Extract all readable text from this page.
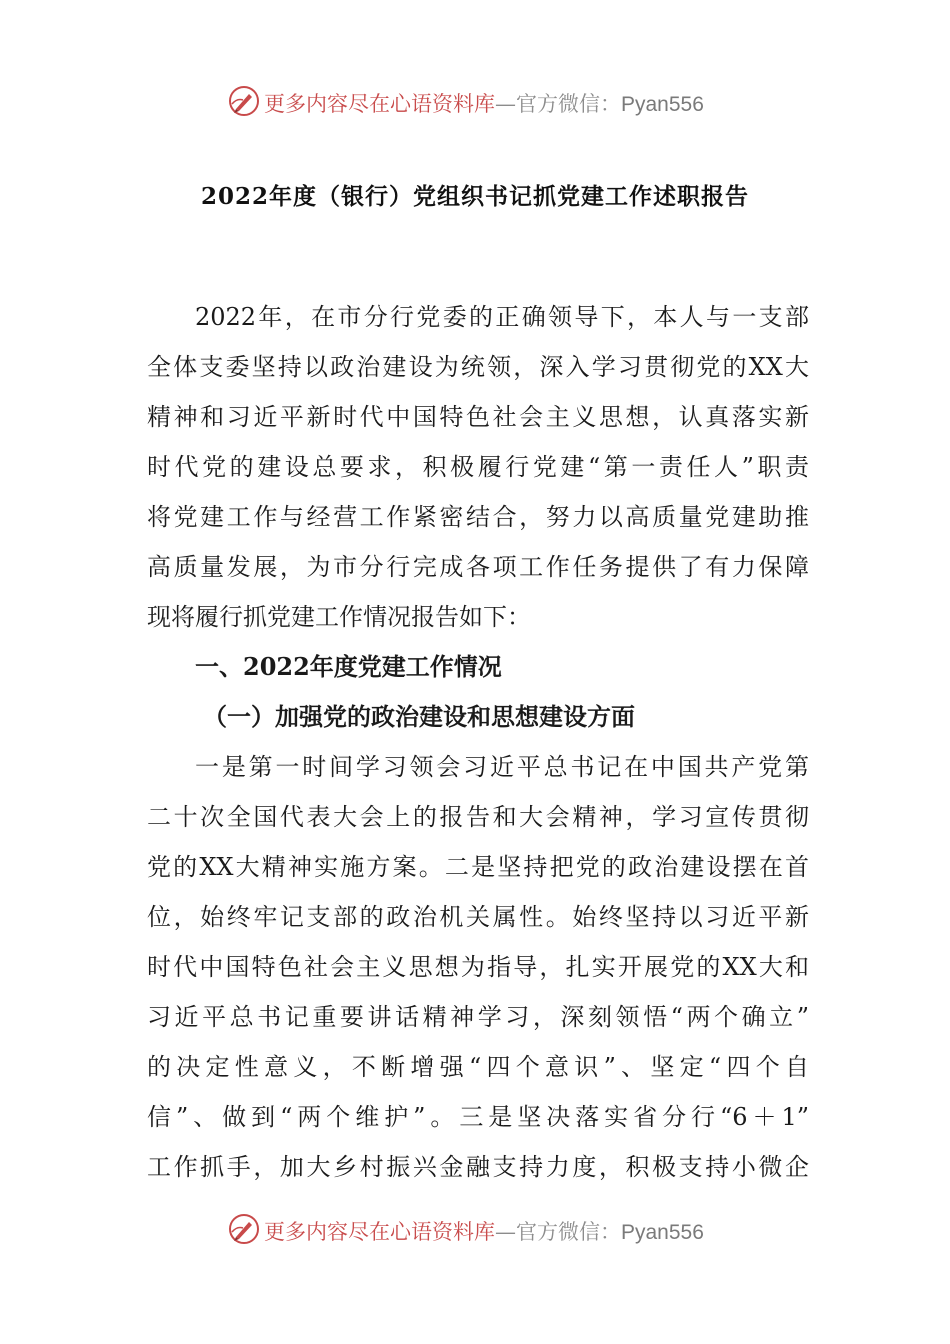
更多内容尽在心语资料库—官方微信：Pyan556
2022年度（银行）党组织书记抓党建工作述职报告
2022年，在市分行党委的正确领导下，本人与一支部
全体支委坚持以政治建设为统领，深入学习贯彻党的XX大
精神和习近平新时代中国特色社会主义思想，认真落实新
时代党的建设总要求，积极履行党建“第一责任人”职责
将党建工作与经营工作紧密结合，努力以高质量党建助推
高质量发展，为市分行完成各项工作任务提供了有力保障
现将履行抓党建工作情况报告如下：
一、2022年度党建工作情况
（一）加强党的政治建设和思想建设方面
一是第一时间学习领会习近平总书记在中国共产党第
二十次全国代表大会上的报告和大会精神，学习宣传贯彻
党的XX大精神实施方案。二是坚持把党的政治建设摆在首
位，始终牢记支部的政治机关属性。始终坚持以习近平新
时代中国特色社会主义思想为指导，扎实开展党的XX大和
习近平总书记重要讲话精神学习，深刻领悟“两个确立”
的决定性意义，不断增强“四个意识”、坚定“四个自
信”、做到“两个维护”。三是坚决落实省分行“6＋1”
工作抓手，加大乡村振兴金融支持力度，积极支持小微企
更多内容尽在心语资料库—官方微信：Pyan556
